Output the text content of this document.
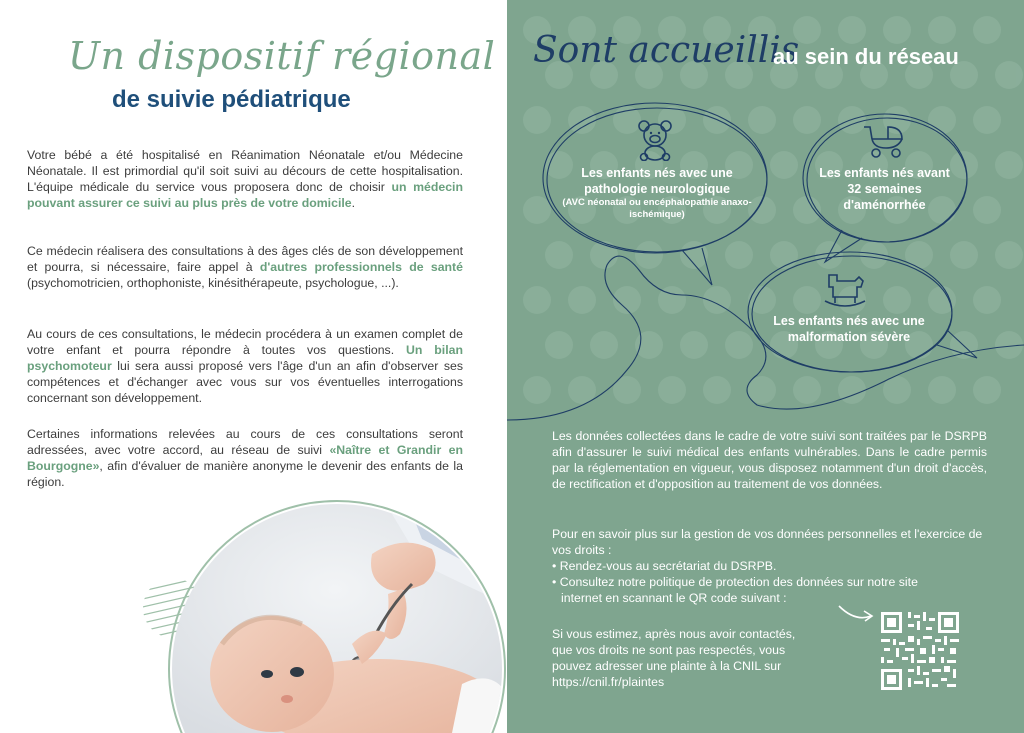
Un dispositif régional
de suivie pédiatrique
Votre bébé a été hospitalisé en Réanimation Néonatale et/ou Médecine Néonatale. Il est primordial qu'il soit suivi au décours de cette hospitalisation. L'équipe médicale du service vous proposera donc de choisir un médecin pouvant assurer ce suivi au plus près de votre domicile.
Ce médecin réalisera des consultations à des âges clés de son développement et pourra, si nécessaire, faire appel à d'autres professionnels de santé (psychomotricien, orthophoniste, kinésithérapeute, psychologue, ...).
Au cours de ces consultations, le médecin procédera à un examen complet de votre enfant et pourra répondre à toutes vos questions. Un bilan psychomoteur lui sera aussi proposé vers l'âge d'un an afin d'observer ses compétences et d'échanger avec vous sur vos éventuelles interrogations concernant son développement.
Certaines informations relevées au cours de ces consultations seront adressées, avec votre accord, au réseau de suivi «Naître et Grandir en Bourgogne», afin d'évaluer de manière anonyme le devenir des enfants de la région.
Sont accueillis
au sein du réseau
Les enfants nés avec une pathologie neurologique
(AVC néonatal ou encéphalopathie anaxo-ischémique)
Les enfants nés avant 32 semaines d'aménorrhée
Les enfants nés avec une malformation sévère
Les données collectées dans le cadre de votre suivi sont traitées par le DSRPB afin d'assurer le suivi médical des enfants vulnérables. Dans le cadre permis par la réglementation en vigueur, vous disposez notamment d'un droit d'accès, de rectification et d'opposition au traitement de vos données.

Pour en savoir plus sur la gestion de vos données personnelles et l'exercice de vos droits :

• Rendez-vous au secrétariat du DSRPB.

• Consultez notre politique de protection des données sur notre site

internet en scannant le QR code suivant :

Si vous estimez, après nous avoir contactés, que vos droits ne sont pas respectés, vous pouvez adresser une plainte à la CNIL sur https://cnil.fr/plaintes
